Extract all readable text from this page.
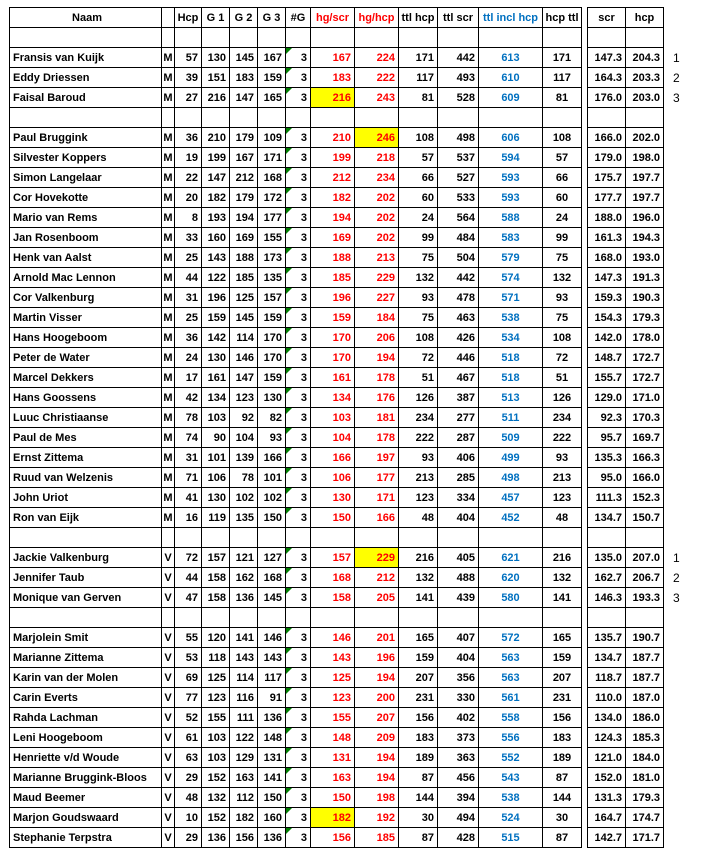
Naam		Hcp	G 1	G 2	G 3	#G	hg/scr	hg/hcp	ttl hcp	ttl scr	ttl incl hcp	hcp ttl		scr	hcp	

Fransis van Kuijk	M	57	130	145	167	3	167	224	171	442	613	171		147.3	204.3	1
Eddy Driessen	M	39	151	183	159	3	183	222	117	493	610	117		164.3	203.3	2
Faisal Baroud	M	27	216	147	165	3	216	243	81	528	609	81		176.0	203.0	3

Paul Bruggink	M	36	210	179	109	3	210	246	108	498	606	108		166.0	202.0	
Silvester Koppers	M	19	199	167	171	3	199	218	57	537	594	57		179.0	198.0	
Simon Langelaar	M	22	147	212	168	3	212	234	66	527	593	66		175.7	197.7	
Cor Hovekotte	M	20	182	179	172	3	182	202	60	533	593	60		177.7	197.7	
Mario van Rems	M	8	193	194	177	3	194	202	24	564	588	24		188.0	196.0	
Jan Rosenboom	M	33	160	169	155	3	169	202	99	484	583	99		161.3	194.3	
Henk van Aalst	M	25	143	188	173	3	188	213	75	504	579	75		168.0	193.0	
Arnold Mac Lennon	M	44	122	185	135	3	185	229	132	442	574	132		147.3	191.3	
Cor Valkenburg	M	31	196	125	157	3	196	227	93	478	571	93		159.3	190.3	
Martin Visser	M	25	159	145	159	3	159	184	75	463	538	75		154.3	179.3	
Hans Hoogeboom	M	36	142	114	170	3	170	206	108	426	534	108		142.0	178.0	
Peter de Water	M	24	130	146	170	3	170	194	72	446	518	72		148.7	172.7	
Marcel Dekkers	M	17	161	147	159	3	161	178	51	467	518	51		155.7	172.7	
Hans Goossens	M	42	134	123	130	3	134	176	126	387	513	126		129.0	171.0	
Luuc Christiaanse	M	78	103	92	82	3	103	181	234	277	511	234		92.3	170.3	
Paul de Mes	M	74	90	104	93	3	104	178	222	287	509	222		95.7	169.7	
Ernst Zittema	M	31	101	139	166	3	166	197	93	406	499	93		135.3	166.3	
Ruud van Welzenis	M	71	106	78	101	3	106	177	213	285	498	213		95.0	166.0	
John Uriot	M	41	130	102	102	3	130	171	123	334	457	123		111.3	152.3	
Ron van Eijk	M	16	119	135	150	3	150	166	48	404	452	48		134.7	150.7	

Jackie Valkenburg	V	72	157	121	127	3	157	229	216	405	621	216		135.0	207.0	1
Jennifer Taub	V	44	158	162	168	3	168	212	132	488	620	132		162.7	206.7	2
Monique van Gerven	V	47	158	136	145	3	158	205	141	439	580	141		146.3	193.3	3

Marjolein Smit	V	55	120	141	146	3	146	201	165	407	572	165		135.7	190.7	
Marianne Zittema	V	53	118	143	143	3	143	196	159	404	563	159		134.7	187.7	
Karin van der Molen	V	69	125	114	117	3	125	194	207	356	563	207		118.7	187.7	
Carin Everts	V	77	123	116	91	3	123	200	231	330	561	231		110.0	187.0	
Rahda Lachman	V	52	155	111	136	3	155	207	156	402	558	156		134.0	186.0	
Leni Hoogeboom	V	61	103	122	148	3	148	209	183	373	556	183		124.3	185.3	
Henriette v/d Woude	V	63	103	129	131	3	131	194	189	363	552	189		121.0	184.0	
Marianne Bruggink-Bloos	V	29	152	163	141	3	163	194	87	456	543	87		152.0	181.0	
Maud Beemer	V	48	132	112	150	3	150	198	144	394	538	144		131.3	179.3	
Marjon Goudswaard	V	10	152	182	160	3	182	192	30	494	524	30		164.7	174.7	
Stephanie Terpstra	V	29	136	156	136	3	156	185	87	428	515	87		142.7	171.7	
